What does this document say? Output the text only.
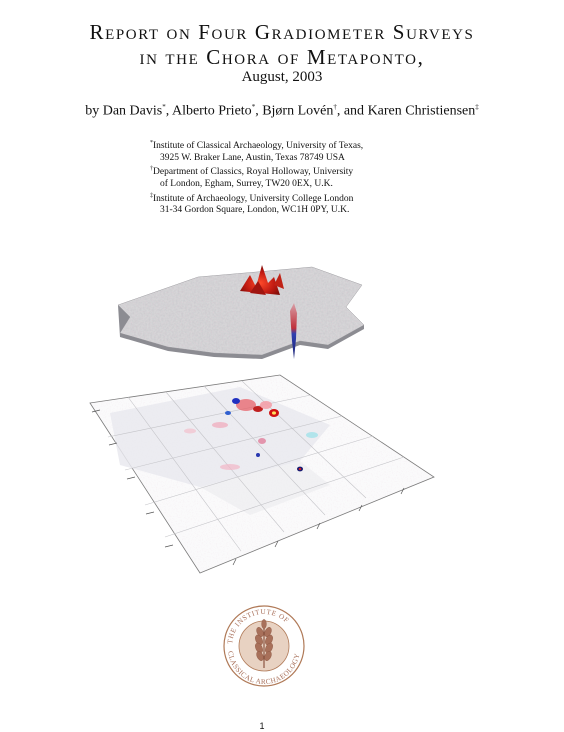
Report on Four Gradiometer Surveys
in the Chora of Metaponto,
August, 2003
by Dan Davis*, Alberto Prieto*, Bjørn Lovén†, and Karen Christiensen‡
*Institute of Classical Archaeology, University of Texas,
3925 W. Braker Lane, Austin, Texas 78749 USA
†Department of Classics, Royal Holloway, University
of London, Egham, Surrey, TW20 0EX, U.K.
‡Institute of Archaeology, University College London
31-34 Gordon Square, London, WC1H 0PY, U.K.
THE INSTITUTE OF
CLASSICAL ARCHAEOLOGY
1
